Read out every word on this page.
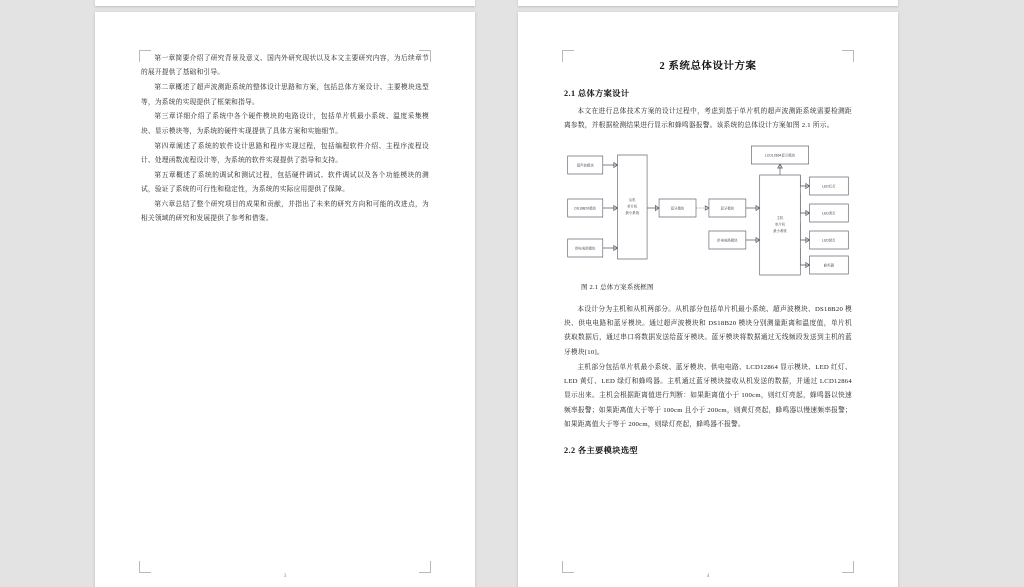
第一章简要介绍了研究背景及意义、国内外研究现状以及本文主要研究内容，为后续章节的展开提供了基础和引导。

第二章概述了超声波测距系统的整体设计思路和方案，包括总体方案设计、主要模块选型等，为系统的实现提供了框架和指导。

第三章详细介绍了系统中各个硬件模块的电路设计，包括单片机最小系统、温度采集模块、显示模块等，为系统的硬件实现提供了具体方案和实施细节。

第四章阐述了系统的软件设计思路和程序实现过程，包括编程软件介绍、主程序流程设计、处理函数流程设计等，为系统的软件实现提供了指导和支持。

第五章概述了系统的调试和测试过程，包括硬件调试、软件调试以及各个功能模块的测试，验证了系统的可行性和稳定性，为系统的实际应用提供了保障。

第六章总结了整个研究项目的成果和贡献，并指出了未来的研究方向和可能的改进点，为相关领域的研究和发展提供了参考和借鉴。

3
2 系统总体设计方案
2.1 总体方案设计

本文在进行总体技术方案的设计过程中，考虑到基于单片机的超声波测距系统需要检测距离参数，并根据检测结果进行显示和蜂鸣器报警。该系统的总体设计方案如图 2.1 所示。

超声波模块
DS18B20模块
供电电源模块
从机
单片机
最小系统
蓝牙模块	蓝牙模块
供电电路模块
主机
单片机
最小系统
LCD12864显示模块
LED红灯
LED黄灯
LED绿灯
蜂鸣器
图 2.1 总体方案系统框图

本设计分为主机和从机两部分。从机部分包括单片机最小系统、超声波模块、DS18B20 模块、供电电路和蓝牙模块。通过超声波模块和 DS18B20 模块分别测量距离和温度值，单片机获取数据后，通过串口将数据发送给蓝牙模块。蓝牙模块将数据通过无线频段发送到主机的蓝牙模块[10]。

主机部分包括单片机最小系统、蓝牙模块、供电电路、LCD12864 显示模块、LED 红灯、LED 黄灯、LED 绿灯和蜂鸣器。主机通过蓝牙模块接收从机发送的数据，并通过 LCD12864 显示出来。主机会根据距离值进行判断：如果距离值小于 100cm，则红灯亮起，蜂鸣器以快速频率报警；如果距离值大于等于 100cm 且小于 200cm，则黄灯亮起，蜂鸣器以慢速频率报警；如果距离值大于等于 200cm，则绿灯亮起，蜂鸣器不报警。

2.2 各主要模块选型
4
